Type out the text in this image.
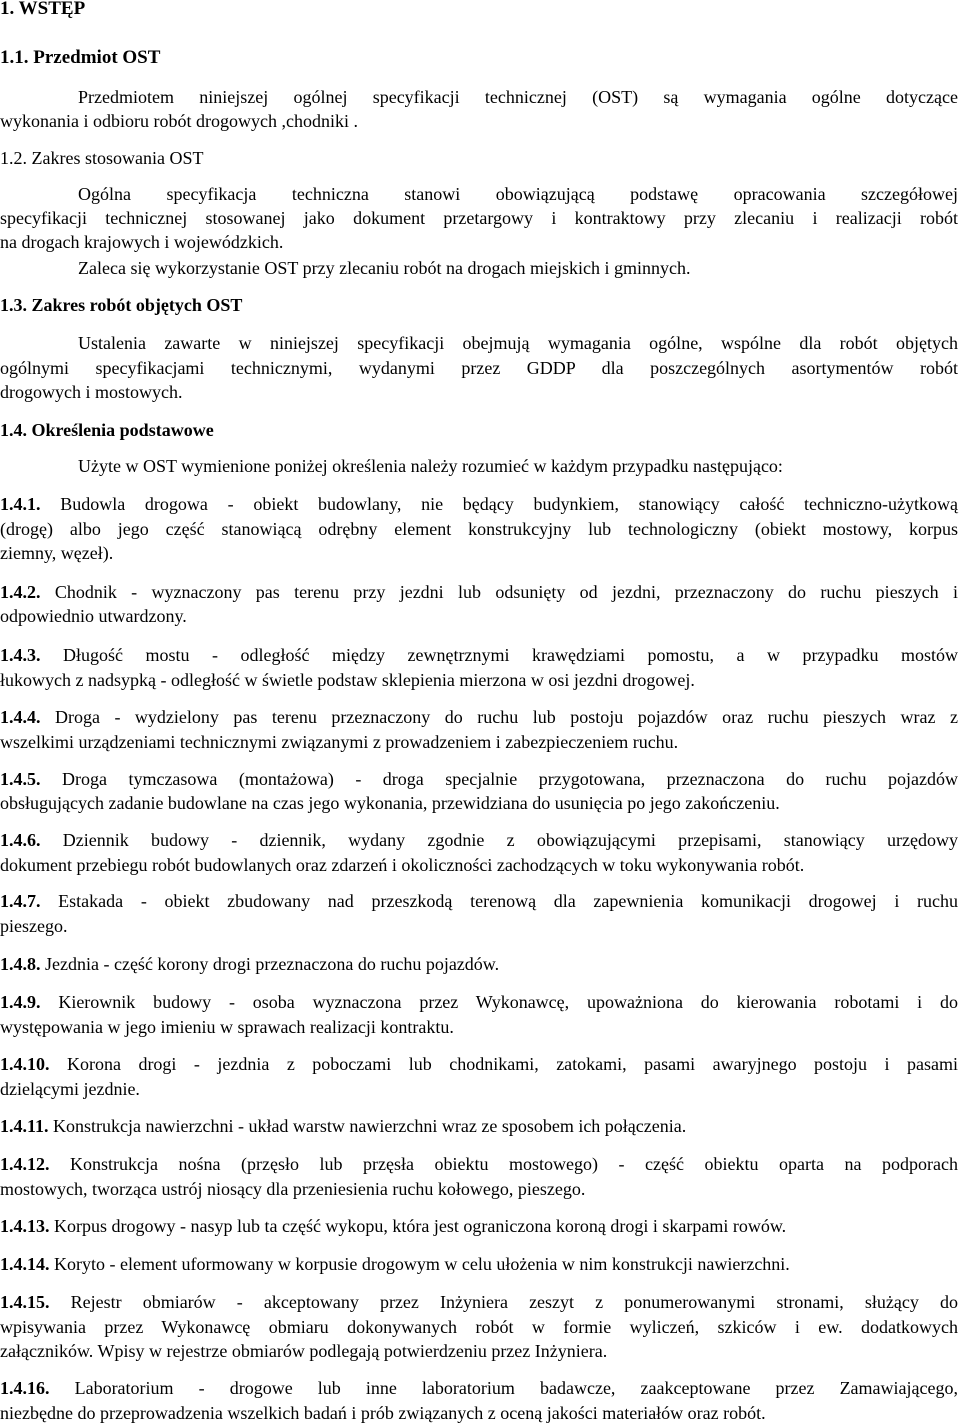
1. WSTĘP
1.1. Przedmiot OST
Przedmiotem niniejszej ogólnej specyfikacji technicznej (OST) są wymagania ogólne dotyczące
wykonania i odbioru robót drogowych ,chodniki .
1.2. Zakres stosowania OST
Ogólna specyfikacja techniczna stanowi obowiązującą podstawę opracowania szczegółowej
specyfikacji technicznej stosowanej jako dokument przetargowy i kontraktowy przy zlecaniu i realizacji robót
na drogach krajowych i wojewódzkich.
Zaleca się wykorzystanie OST przy zlecaniu robót na drogach miejskich i gminnych.
1.3. Zakres robót objętych OST
Ustalenia zawarte w niniejszej specyfikacji obejmują wymagania ogólne, wspólne dla robót objętych
ogólnymi specyfikacjami technicznymi, wydanymi przez GDDP dla poszczególnych asortymentów robót
drogowych i mostowych.
1.4. Określenia podstawowe
Użyte w OST wymienione poniżej określenia należy rozumieć w każdym przypadku następująco:
1.4.1. Budowla drogowa - obiekt budowlany, nie będący budynkiem, stanowiący całość techniczno-użytkową
(drogę) albo jego część stanowiącą odrębny element konstrukcyjny lub technologiczny (obiekt mostowy, korpus
ziemny, węzeł).
1.4.2. Chodnik - wyznaczony pas terenu przy jezdni lub odsunięty od jezdni, przeznaczony do ruchu pieszych i
odpowiednio utwardzony.
1.4.3. Długość mostu - odległość między zewnętrznymi krawędziami pomostu, a w przypadku mostów
łukowych z nadsypką - odległość w świetle podstaw sklepienia mierzona w osi jezdni drogowej.
1.4.4. Droga - wydzielony pas terenu przeznaczony do ruchu lub postoju pojazdów oraz ruchu pieszych wraz z
wszelkimi urządzeniami technicznymi związanymi z prowadzeniem i zabezpieczeniem ruchu.
1.4.5. Droga tymczasowa (montażowa) - droga specjalnie przygotowana, przeznaczona do ruchu pojazdów
obsługujących zadanie budowlane na czas jego wykonania, przewidziana do usunięcia po jego zakończeniu.
1.4.6. Dziennik budowy - dziennik, wydany zgodnie z obowiązującymi przepisami, stanowiący urzędowy
dokument przebiegu robót budowlanych oraz zdarzeń i okoliczności zachodzących w toku wykonywania robót.
1.4.7. Estakada - obiekt zbudowany nad przeszkodą terenową dla zapewnienia komunikacji drogowej i ruchu
pieszego.
1.4.8. Jezdnia - część korony drogi przeznaczona do ruchu pojazdów.
1.4.9. Kierownik budowy - osoba wyznaczona przez Wykonawcę, upoważniona do kierowania robotami i do
występowania w jego imieniu w sprawach realizacji kontraktu.
1.4.10. Korona drogi - jezdnia z poboczami lub chodnikami, zatokami, pasami awaryjnego postoju i pasami
dzielącymi jezdnie.
1.4.11. Konstrukcja nawierzchni - układ warstw nawierzchni wraz ze sposobem ich połączenia.
1.4.12. Konstrukcja nośna (przęsło lub przęsła obiektu mostowego) - część obiektu oparta na podporach
mostowych, tworząca ustrój niosący dla przeniesienia ruchu kołowego, pieszego.
1.4.13. Korpus drogowy - nasyp lub ta część wykopu, która jest ograniczona koroną drogi i skarpami rowów.
1.4.14. Koryto - element uformowany w korpusie drogowym w celu ułożenia w nim konstrukcji nawierzchni.
1.4.15. Rejestr obmiarów - akceptowany przez Inżyniera zeszyt z ponumerowanymi stronami, służący do
wpisywania przez Wykonawcę obmiaru dokonywanych robót w formie wyliczeń, szkiców i ew. dodatkowych
załączników. Wpisy w rejestrze obmiarów podlegają potwierdzeniu przez Inżyniera.
1.4.16. Laboratorium - drogowe lub inne laboratorium badawcze, zaakceptowane przez Zamawiającego,
niezbędne do przeprowadzenia wszelkich badań i prób związanych z oceną jakości materiałów oraz robót.
